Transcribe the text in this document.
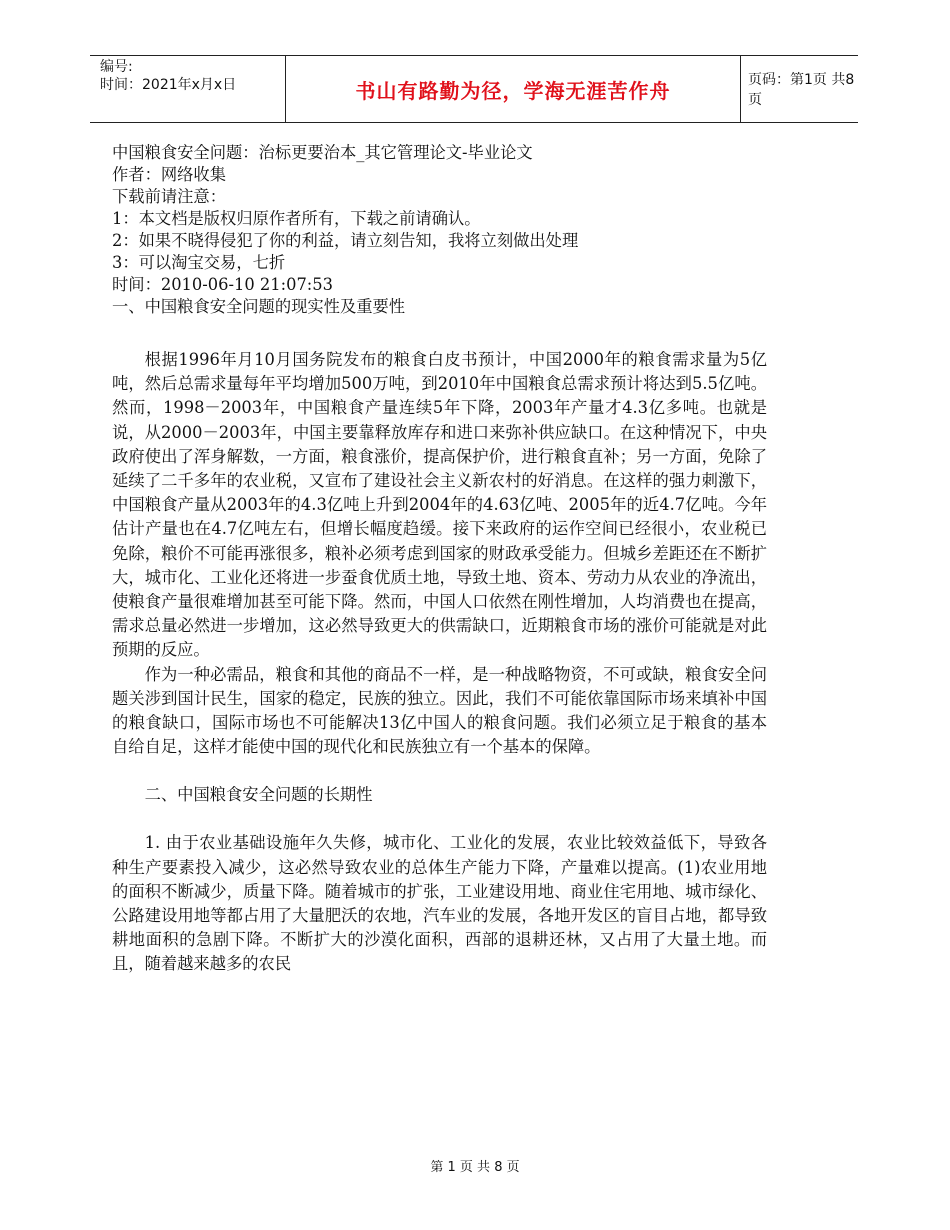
编号:
时间：2021年x月x日	书山有路勤为径，学海无涯苦作舟	页码：第1页 共8页
中国粮食安全问题：治标更要治本_其它管理论文-毕业论文
作者：网络收集
下载前请注意：
1：本文档是版权归原作者所有，下载之前请确认。
2：如果不晓得侵犯了你的利益，请立刻告知，我将立刻做出处理
3：可以淘宝交易，七折
时间：2010-06-10 21:07:53
一、中国粮食安全问题的现实性及重要性
根据1996年月10月国务院发布的粮食白皮书预计，中国2000年的粮食需求量为5亿吨，然后总需求量每年平均增加500万吨，到2010年中国粮食总需求预计将达到5.5亿吨。然而，1998－2003年，中国粮食产量连续5年下降，2003年产量才4.3亿多吨。也就是说，从2000－2003年，中国主要靠释放库存和进口来弥补供应缺口。在这种情况下，中央政府使出了浑身解数，一方面，粮食涨价，提高保护价，进行粮食直补；另一方面，免除了延续了二千多年的农业税，又宣布了建设社会主义新农村的好消息。在这样的强力刺激下，中国粮食产量从2003年的4.3亿吨上升到2004年的4.63亿吨、2005年的近4.7亿吨。今年估计产量也在4.7亿吨左右，但增长幅度趋缓。接下来政府的运作空间已经很小，农业税已免除，粮价不可能再涨很多，粮补必须考虑到国家的财政承受能力。但城乡差距还在不断扩大，城市化、工业化还将进一步蚕食优质土地，导致土地、资本、劳动力从农业的净流出，使粮食产量很难增加甚至可能下降。然而，中国人口依然在刚性增加，人均消费也在提高，需求总量必然进一步增加，这必然导致更大的供需缺口，近期粮食市场的涨价可能就是对此预期的反应。
作为一种必需品，粮食和其他的商品不一样，是一种战略物资，不可或缺，粮食安全问题关涉到国计民生，国家的稳定，民族的独立。因此，我们不可能依靠国际市场来填补中国的粮食缺口，国际市场也不可能解决13亿中国人的粮食问题。我们必须立足于粮食的基本自给自足，这样才能使中国的现代化和民族独立有一个基本的保障。
二、中国粮食安全问题的长期性
1. 由于农业基础设施年久失修，城市化、工业化的发展，农业比较效益低下，导致各种生产要素投入减少，这必然导致农业的总体生产能力下降，产量难以提高。(1)农业用地的面积不断减少，质量下降。随着城市的扩张，工业建设用地、商业住宅用地、城市绿化、公路建设用地等都占用了大量肥沃的农地，汽车业的发展，各地开发区的盲目占地，都导致耕地面积的急剧下降。不断扩大的沙漠化面积，西部的退耕还林，又占用了大量土地。而且，随着越来越多的农民
第 1 页 共 8 页
